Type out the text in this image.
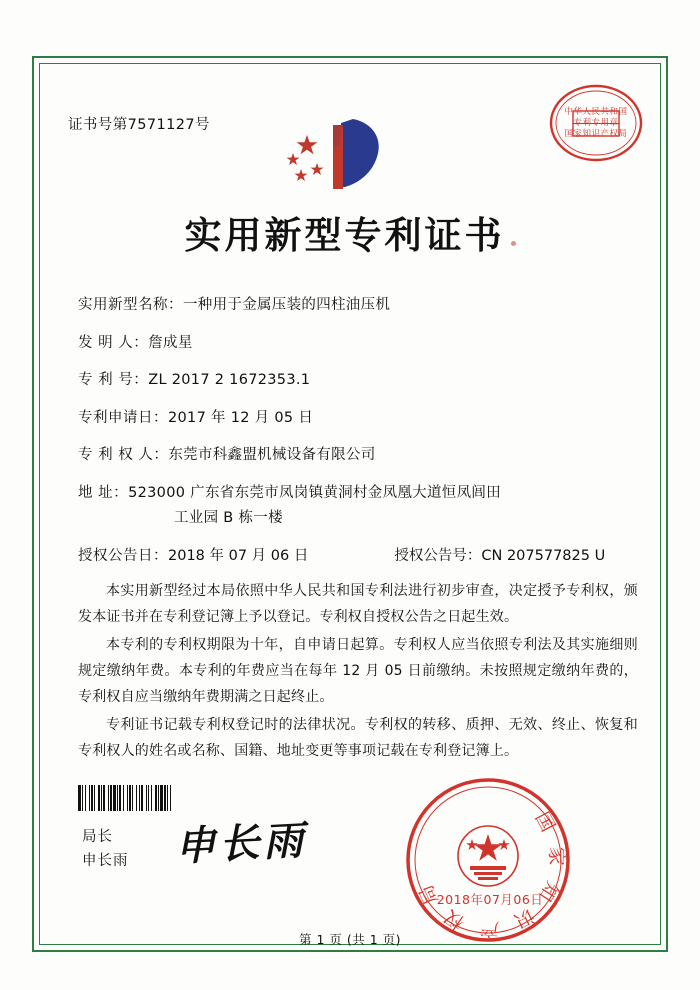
证书号第7571127号
中华人民共和国
专利专用章
国家知识产权局
实用新型专利证书
实用新型名称： 一种用于金属压装的四柱油压机
发 明 人： 詹成星
专 利 号： ZL 2017 2 1672353.1
专利申请日： 2017 年 12 月 05 日
专 利 权 人： 东莞市科鑫盟机械设备有限公司
地 址： 523000 广东省东莞市凤岗镇黄洞村金凤凰大道恒凤闾田
工业园 B 栋一楼
授权公告日： 2018 年 07 月 06 日	授权公告号： CN 207577825 U

本实用新型经过本局依照中华人民共和国专利法进行初步审查，决定授予专利权，颁发本证书并在专利登记簿上予以登记。专利权自授权公告之日起生效。

本专利的专利权期限为十年，自申请日起算。专利权人应当依照专利法及其实施细则规定缴纳年费。本专利的年费应当在每年 12 月 05 日前缴纳。未按照规定缴纳年费的，专利权自应当缴纳年费期满之日起终止。

专利证书记载专利权登记时的法律状况。专利权的转移、质押、无效、终止、恢复和专利权人的姓名或名称、国籍、地址变更等事项记载在专利登记簿上。

局长
申长雨 申长雨	国家知识产权局
2018年07月06日
第 1 页 (共 1 页)
